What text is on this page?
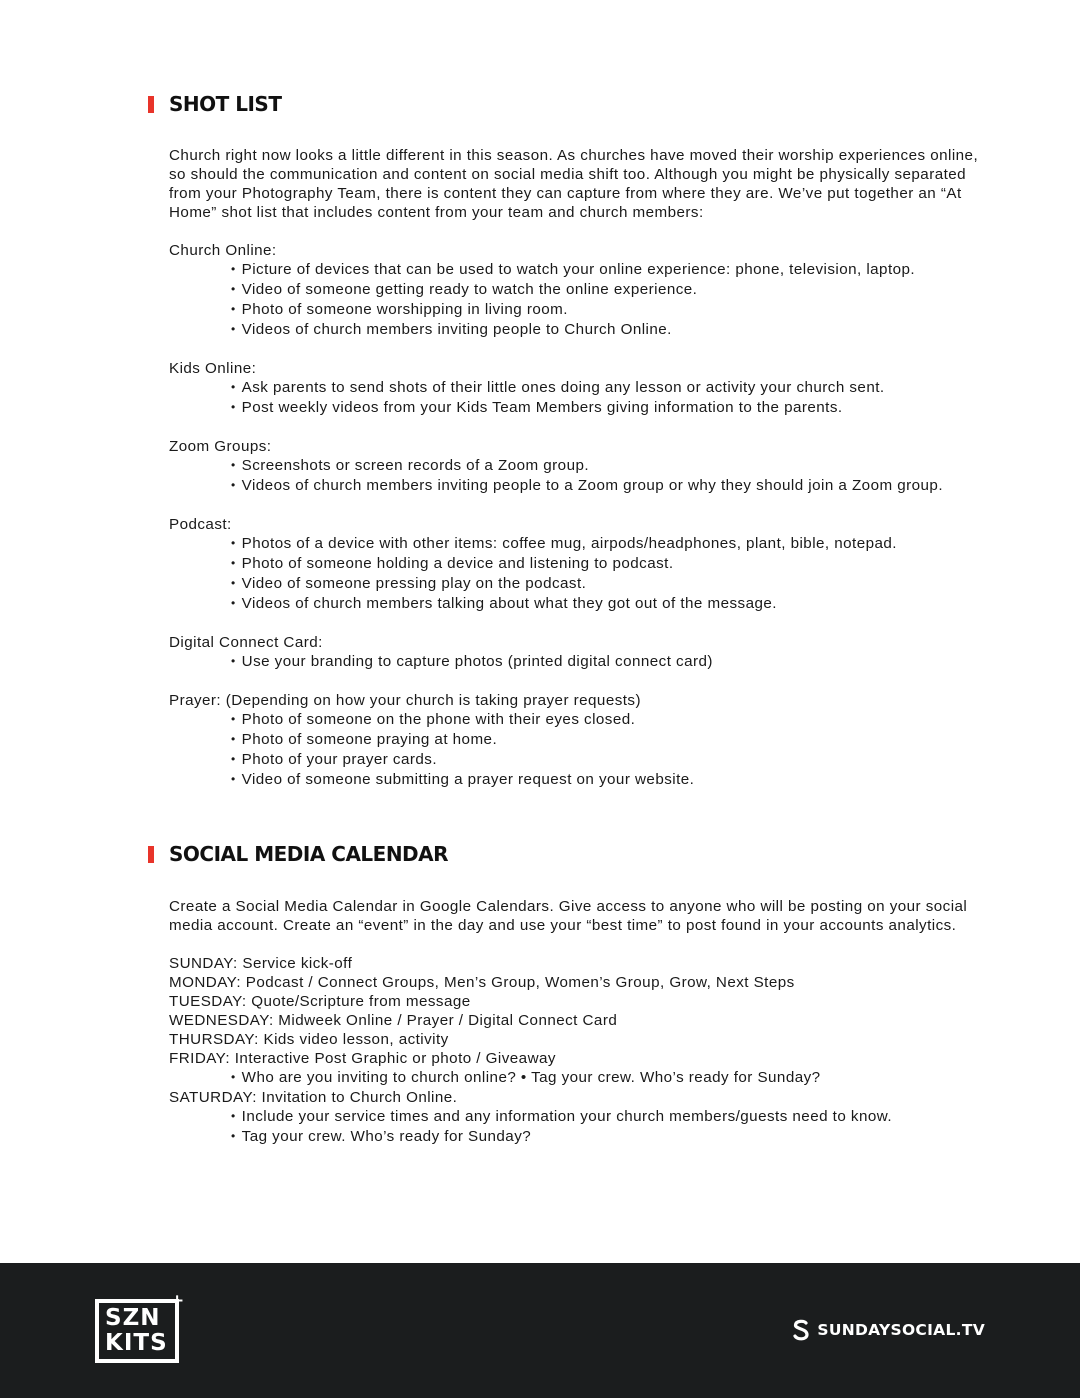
SHOT LIST

Church right now looks a little different in this season. As churches have moved their worship experiences online, so should the communication and content on social media shift too. Although you might be physically separated from your Photography Team, there is content they can capture from where they are. We’ve put together an “At Home” shot list that includes content from your team and church members:

Church Online:

• Picture of devices that can be used to watch your online experience: phone, television, laptop.
• Video of someone getting ready to watch the online experience.
• Photo of someone worshipping in living room.
• Videos of church members inviting people to Church Online.

Kids Online:

• Ask parents to send shots of their little ones doing any lesson or activity your church sent.
• Post weekly videos from your Kids Team Members giving information to the parents.

Zoom Groups:

• Screenshots or screen records of a Zoom group.
• Videos of church members inviting people to a Zoom group or why they should join a Zoom group.

Podcast:

• Photos of a device with other items: coffee mug, airpods/headphones, plant, bible, notepad.
• Photo of someone holding a device and listening to podcast.
• Video of someone pressing play on the podcast.
• Videos of church members talking about what they got out of the message.

Digital Connect Card:

• Use your branding to capture photos (printed digital connect card)

Prayer: (Depending on how your church is taking prayer requests)

• Photo of someone on the phone with their eyes closed.
• Photo of someone praying at home.
• Photo of your prayer cards.
• Video of someone submitting a prayer request on your website.
SOCIAL MEDIA CALENDAR

Create a Social Media Calendar in Google Calendars. Give access to anyone who will be posting on your social media account. Create an “event” in the day and use your “best time” to post found in your accounts analytics.

SUNDAY: Service kick-off
MONDAY: Podcast / Connect Groups, Men’s Group, Women’s Group, Grow, Next Steps
TUESDAY: Quote/Scripture from message
WEDNESDAY: Midweek Online / Prayer / Digital Connect Card
THURSDAY: Kids video lesson, activity
FRIDAY: Interactive Post Graphic or photo / Giveaway
• Who are you inviting to church online? • Tag your crew. Who’s ready for Sunday?
SATURDAY: Invitation to Church Online.
• Include your service times and any information your church members/guests need to know.
• Tag your crew. Who’s ready for Sunday?
SZN
KITS
+
SUNDAYSOCIAL.TV
